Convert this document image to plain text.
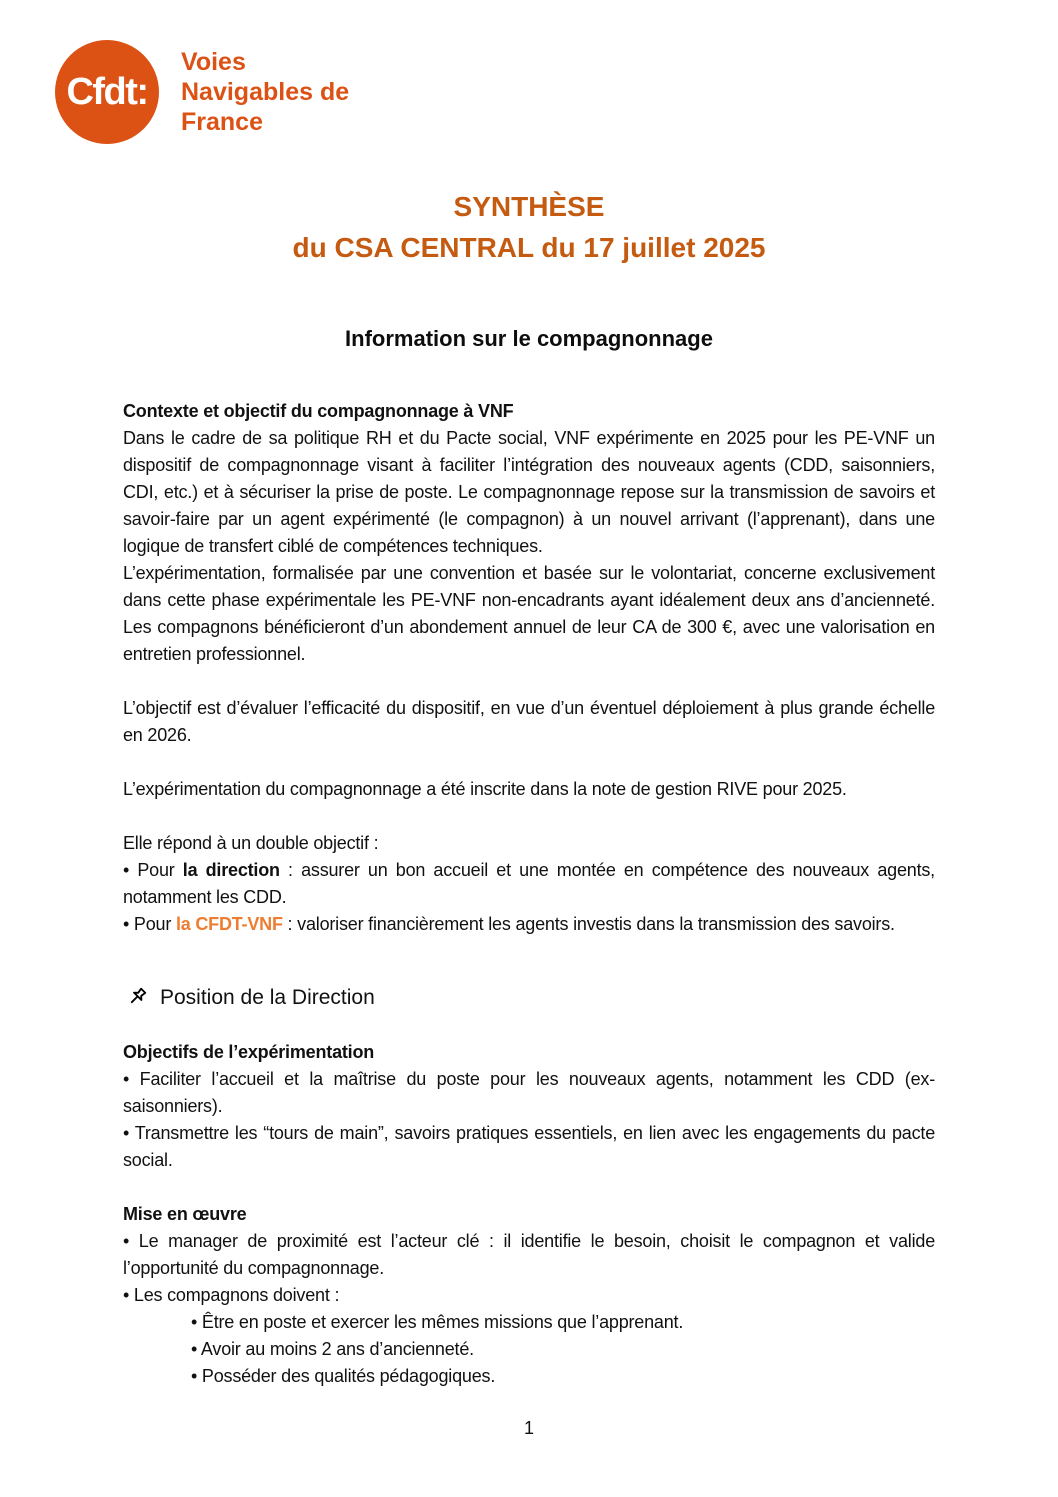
Cfdt:
Voies
Navigables de
France
SYNTHÈSE
du CSA CENTRAL du 17 juillet 2025
Information sur le compagnonnage

Contexte et objectif du compagnonnage à VNF

Dans le cadre de sa politique RH et du Pacte social, VNF expérimente en 2025 pour les PE-VNF un dispositif de compagnonnage visant à faciliter l’intégration des nouveaux agents (CDD, saisonniers, CDI, etc.) et à sécuriser la prise de poste. Le compagnonnage repose sur la transmission de savoirs et savoir-faire par un agent expérimenté (le compagnon) à un nouvel arrivant (l’apprenant), dans une logique de transfert ciblé de compétences techniques.

L’expérimentation, formalisée par une convention et basée sur le volontariat, concerne exclusivement dans cette phase expérimentale les PE-VNF non-encadrants ayant idéalement deux ans d’ancienneté. Les compagnons bénéficieront d’un abondement annuel de leur CA de 300 €, avec une valorisation en entretien professionnel.

L’objectif est d’évaluer l’efficacité du dispositif, en vue d’un éventuel déploiement à plus grande échelle en 2026.

L’expérimentation du compagnonnage a été inscrite dans la note de gestion RIVE pour 2025.

Elle répond à un double objectif :

• Pour la direction : assurer un bon accueil et une montée en compétence des nouveaux agents, notamment les CDD.

• Pour la CFDT-VNF : valoriser financièrement les agents investis dans la transmission des savoirs.

Position de la Direction

Objectifs de l’expérimentation

• Faciliter l’accueil et la maîtrise du poste pour les nouveaux agents, notamment les CDD (ex-saisonniers).

• Transmettre les “tours de main”, savoirs pratiques essentiels, en lien avec les engagements du pacte social.

Mise en œuvre

• Le manager de proximité est l’acteur clé : il identifie le besoin, choisit le compagnon et valide l’opportunité du compagnonnage.

• Les compagnons doivent :

• Être en poste et exercer les mêmes missions que l’apprenant.

• Avoir au moins 2 ans d’ancienneté.

• Posséder des qualités pédagogiques.

1
